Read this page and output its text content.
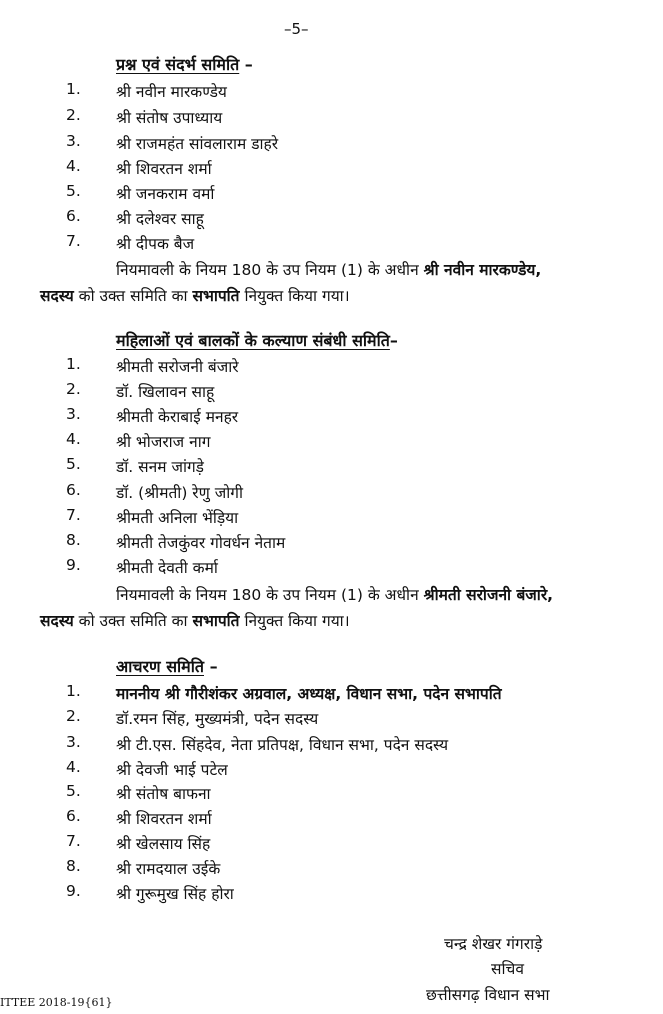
–5–
प्रश्न एवं संदर्भ समिति –
1. श्री नवीन मारकण्डेय
2. श्री संतोष उपाध्याय
3. श्री राजमहंत सांवलाराम डाहरे
4. श्री शिवरतन शर्मा
5. श्री जनकराम वर्मा
6. श्री दलेश्वर साहू
7. श्री दीपक बैज
नियमावली के नियम 180 के उप नियम (1) के अधीन श्री नवीन मारकण्डेय,
सदस्य को उक्त समिति का सभापति नियुक्त किया गया।
महिलाओं एवं बालकों के कल्याण संबंधी समिति–
1. श्रीमती सरोजनी बंजारे
2. डॉ. खिलावन साहू
3. श्रीमती केराबाई मनहर
4. श्री भोजराज नाग
5. डॉ. सनम जांगड़े
6. डॉ. (श्रीमती) रेणु जोगी
7. श्रीमती अनिला भेंड़िया
8. श्रीमती तेजकुंवर गोवर्धन नेताम
9. श्रीमती देवती कर्मा
नियमावली के नियम 180 के उप नियम (1) के अधीन श्रीमती सरोजनी बंजारे,
सदस्य को उक्त समिति का सभापति नियुक्त किया गया।
आचरण समिति –
1. माननीय श्री गौरीशंकर अग्रवाल, अध्यक्ष, विधान सभा, पदेन सभापति
2. डॉ.रमन सिंह, मुख्यमंत्री, पदेन सदस्य
3. श्री टी.एस. सिंहदेव, नेता प्रतिपक्ष, विधान सभा, पदेन सदस्य
4. श्री देवजी भाई पटेल
5. श्री संतोष बाफना
6. श्री शिवरतन शर्मा
7. श्री खेलसाय सिंह
8. श्री रामदयाल उईके
9. श्री गुरूमुख सिंह होरा
चन्द्र शेखर गंगराड़े
सचिव
छत्तीसगढ़ विधान सभा
ITTEE 2018-19{61}
